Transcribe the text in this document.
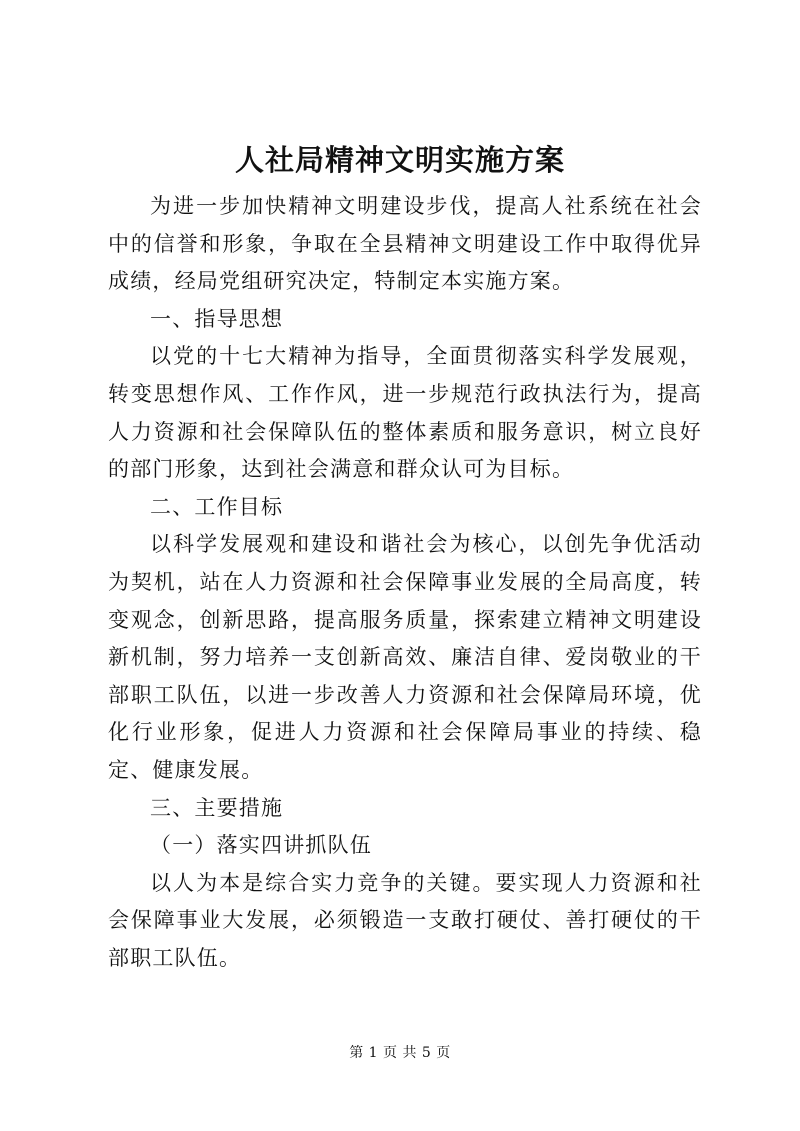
人社局精神文明实施方案

为进一步加快精神文明建设步伐，提高人社系统在社会中的信誉和形象，争取在全县精神文明建设工作中取得优异成绩，经局党组研究决定，特制定本实施方案。

一、指导思想

以党的十七大精神为指导，全面贯彻落实科学发展观，转变思想作风、工作作风，进一步规范行政执法行为，提高人力资源和社会保障队伍的整体素质和服务意识，树立良好的部门形象，达到社会满意和群众认可为目标。

二、工作目标

以科学发展观和建设和谐社会为核心，以创先争优活动为契机，站在人力资源和社会保障事业发展的全局高度，转变观念，创新思路，提高服务质量，探索建立精神文明建设新机制，努力培养一支创新高效、廉洁自律、爱岗敬业的干部职工队伍，以进一步改善人力资源和社会保障局环境，优化行业形象，促进人力资源和社会保障局事业的持续、稳定、健康发展。

三、主要措施

（一）落实四讲抓队伍

以人为本是综合实力竞争的关键。要实现人力资源和社会保障事业大发展，必须锻造一支敢打硬仗、善打硬仗的干部职工队伍。

第 1 页 共 5 页
